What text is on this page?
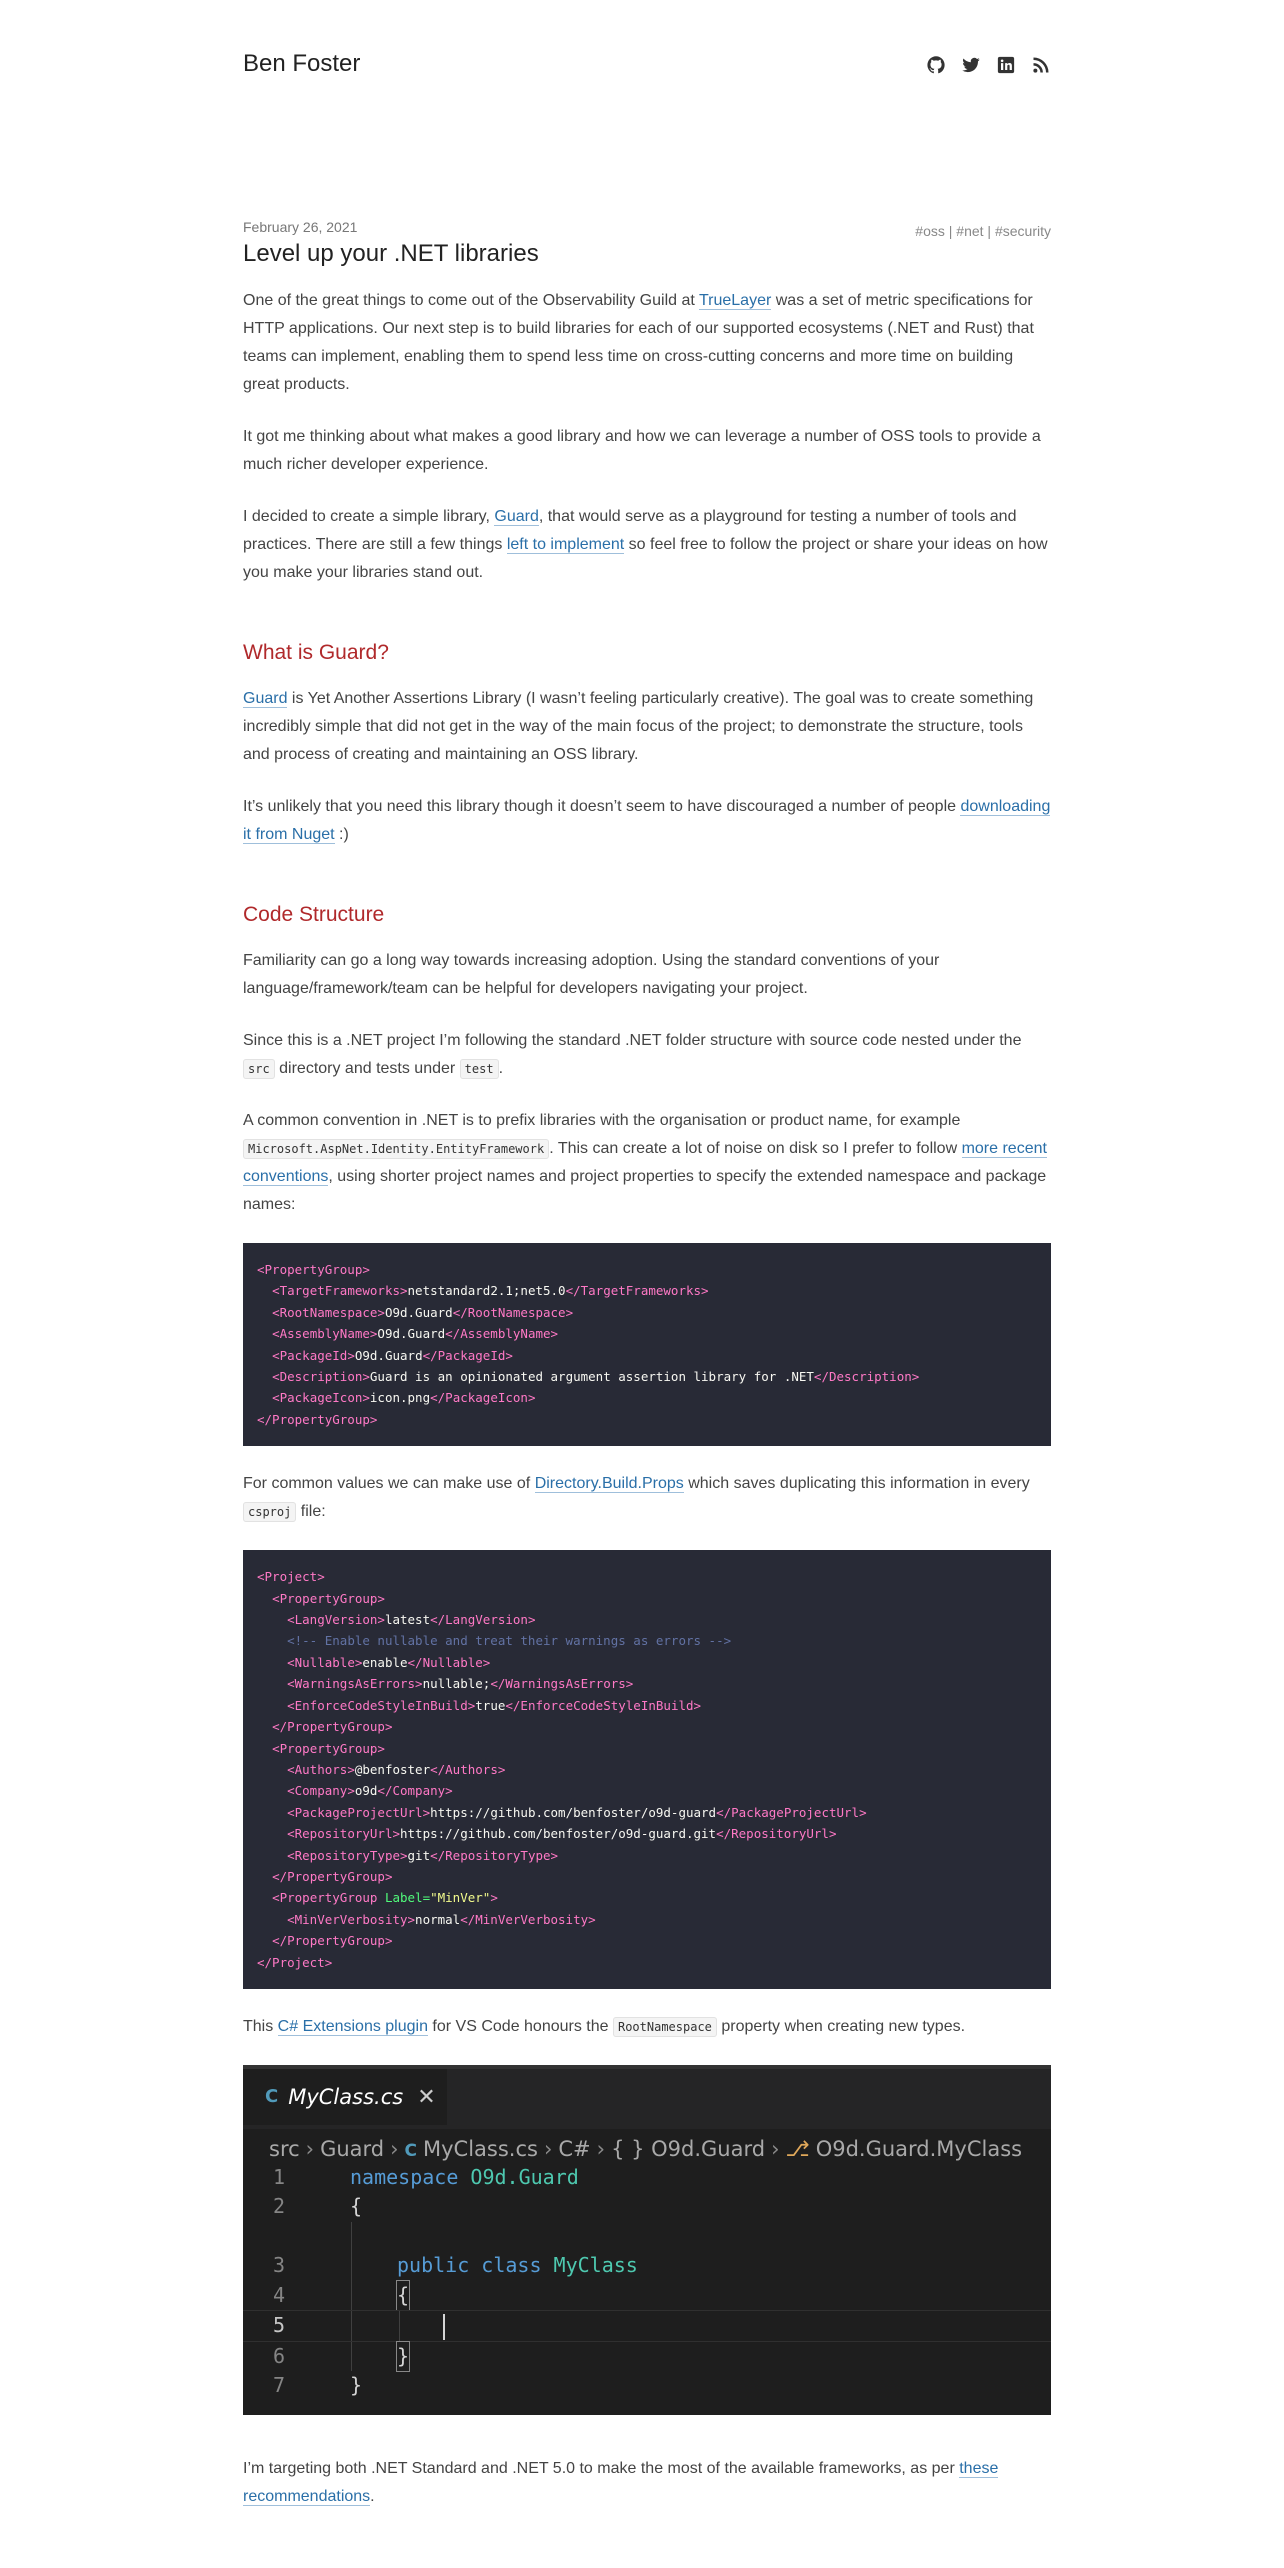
Ben Foster
February 26, 2021	#oss | #net | #security
Level up your .NET libraries

One of the great things to come out of the Observability Guild at TrueLayer was a set of metric specifications for HTTP applications. Our next step is to build libraries for each of our supported ecosystems (.NET and Rust) that teams can implement, enabling them to spend less time on cross-cutting concerns and more time on building great products.

It got me thinking about what makes a good library and how we can leverage a number of OSS tools to provide a much richer developer experience.

I decided to create a simple library, Guard, that would serve as a playground for testing a number of tools and practices. There are still a few things left to implement so feel free to follow the project or share your ideas on how you make your libraries stand out.

What is Guard?

Guard is Yet Another Assertions Library (I wasn’t feeling particularly creative). The goal was to create something incredibly simple that did not get in the way of the main focus of the project; to demonstrate the structure, tools and process of creating and maintaining an OSS library.

It’s unlikely that you need this library though it doesn’t seem to have discouraged a number of people downloading it from Nuget :)

Code Structure

Familiarity can go a long way towards increasing adoption. Using the standard conventions of your language/framework/team can be helpful for developers navigating your project.

Since this is a .NET project I’m following the standard .NET folder structure with source code nested under the src directory and tests under test .

A common convention in .NET is to prefix libraries with the organisation or product name, for example Microsoft.AspNet.Identity.EntityFramework . This can create a lot of noise on disk so I prefer to follow more recent conventions, using shorter project names and project properties to specify the extended namespace and package names:

<PropertyGroup>
<TargetFrameworks>netstandard2.1;net5.0</TargetFrameworks>
<RootNamespace>O9d.Guard</RootNamespace>
<AssemblyName>O9d.Guard</AssemblyName>
<PackageId>O9d.Guard</PackageId>
<Description>Guard is an opinionated argument assertion library for .NET</Description>
<PackageIcon>icon.png</PackageIcon>
</PropertyGroup>

For common values we can make use of Directory.Build.Props which saves duplicating this information in every csproj file:

<Project>
<PropertyGroup>
<LangVersion>latest</LangVersion>
<!-- Enable nullable and treat their warnings as errors -->
<Nullable>enable</Nullable>
<WarningsAsErrors>nullable;</WarningsAsErrors>
<EnforceCodeStyleInBuild>true</EnforceCodeStyleInBuild>
</PropertyGroup>
<PropertyGroup>
<Authors>@benfoster</Authors>
<Company>o9d</Company>
<PackageProjectUrl>https://github.com/benfoster/o9d-guard</PackageProjectUrl>
<RepositoryUrl>https://github.com/benfoster/o9d-guard.git</RepositoryUrl>
<RepositoryType>git</RepositoryType>
</PropertyGroup>
<PropertyGroup Label="MinVer">
<MinVerVerbosity>normal</MinVerVerbosity>
</PropertyGroup>
</Project>

This C# Extensions plugin for VS Code honours the RootNamespace property when creating new types.

C MyClass.cs ✕
src › Guard › C MyClass.cs › C# › { } O9d.Guard › ⎇ O9d.Guard.MyClass
1	namespace O9d.Guard
2	{
3	public class MyClass
4	{
5
6	}
7	}

I’m targeting both .NET Standard and .NET 5.0 to make the most of the available frameworks, as per these recommendations.
